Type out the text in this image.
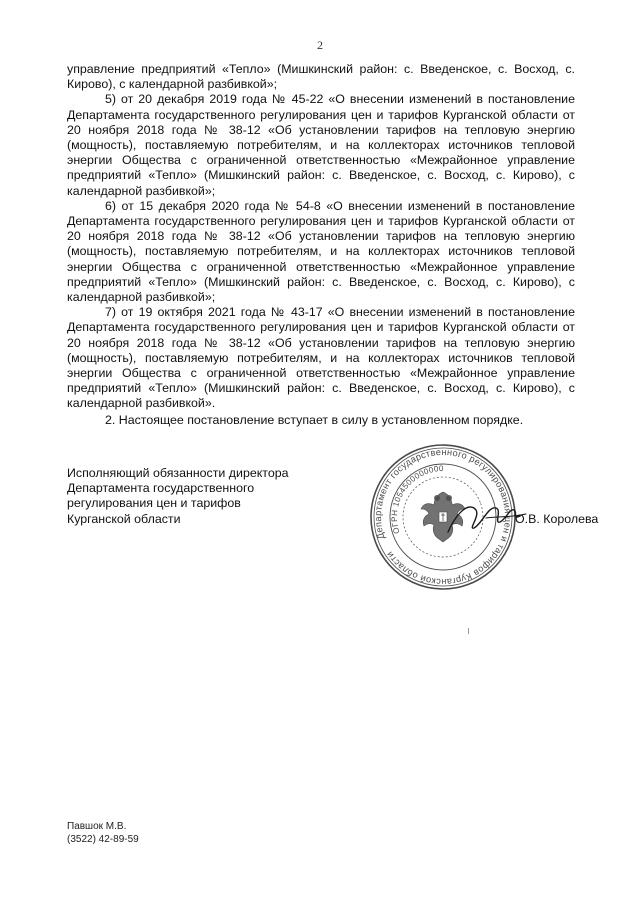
2

управление предприятий «Тепло» (Мишкинский район: с. Введенское, с. Восход, с. Кирово), с календарной разбивкой»;

5) от 20 декабря 2019 года № 45-22 «О внесении изменений в постановление Департамента государственного регулирования цен и тарифов Курганской области от 20 ноября 2018 года № 38-12 «Об установлении тарифов на тепловую энергию (мощность), поставляемую потребителям, и на коллекторах источников тепловой энергии Общества с ограниченной ответственностью «Межрайонное управление предприятий «Тепло» (Мишкинский район: с. Введенское, с. Восход, с. Кирово), с календарной разбивкой»;

6) от 15 декабря 2020 года № 54-8 «О внесении изменений в постановление Департамента государственного регулирования цен и тарифов Курганской области от 20 ноября 2018 года № 38-12 «Об установлении тарифов на тепловую энергию (мощность), поставляемую потребителям, и на коллекторах источников тепловой энергии Общества с ограниченной ответственностью «Межрайонное управление предприятий «Тепло» (Мишкинский район: с. Введенское, с. Восход, с. Кирово), с календарной разбивкой»;

7) от 19 октября 2021 года № 43-17 «О внесении изменений в постановление Департамента государственного регулирования цен и тарифов Курганской области от 20 ноября 2018 года № 38-12 «Об установлении тарифов на тепловую энергию (мощность), поставляемую потребителям, и на коллекторах источников тепловой энергии Общества с ограниченной ответственностью «Межрайонное управление предприятий «Тепло» (Мишкинский район: с. Введенское, с. Восход, с. Кирово), с календарной разбивкой».

2. Настоящее постановление вступает в силу в установленном порядке.

Исполняющий обязанности директора
Департамента государственного
регулирования цен и тарифов
Курганской области
Департамент государственного регулирования цен и тарифов Курганской области
ОГРН 1054500000000
О.В. Королева
Павшок М.В.
(3522) 42-89-59
